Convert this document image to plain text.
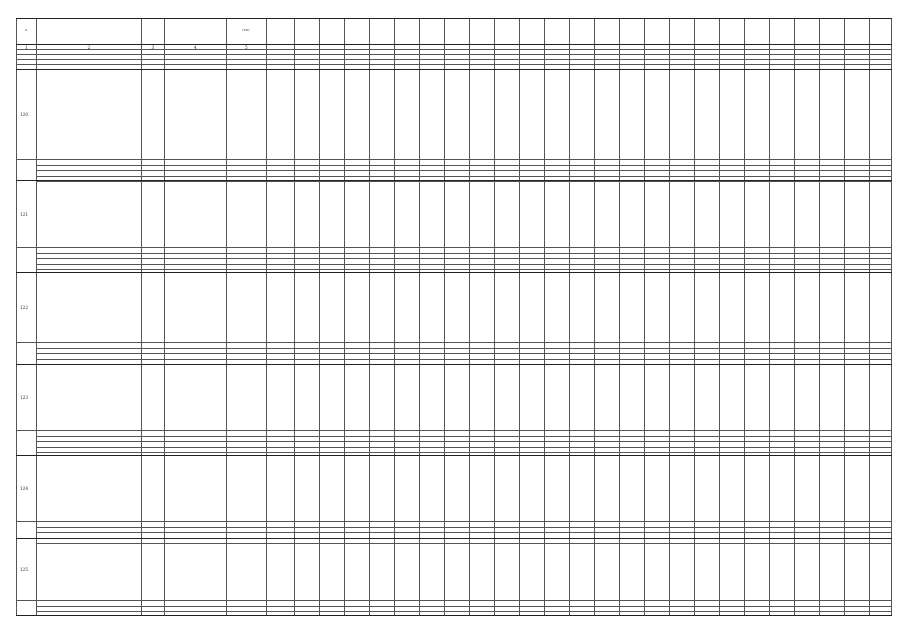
№	ГРБС
1	2	3	4	5
120
121
122
123
124
125
